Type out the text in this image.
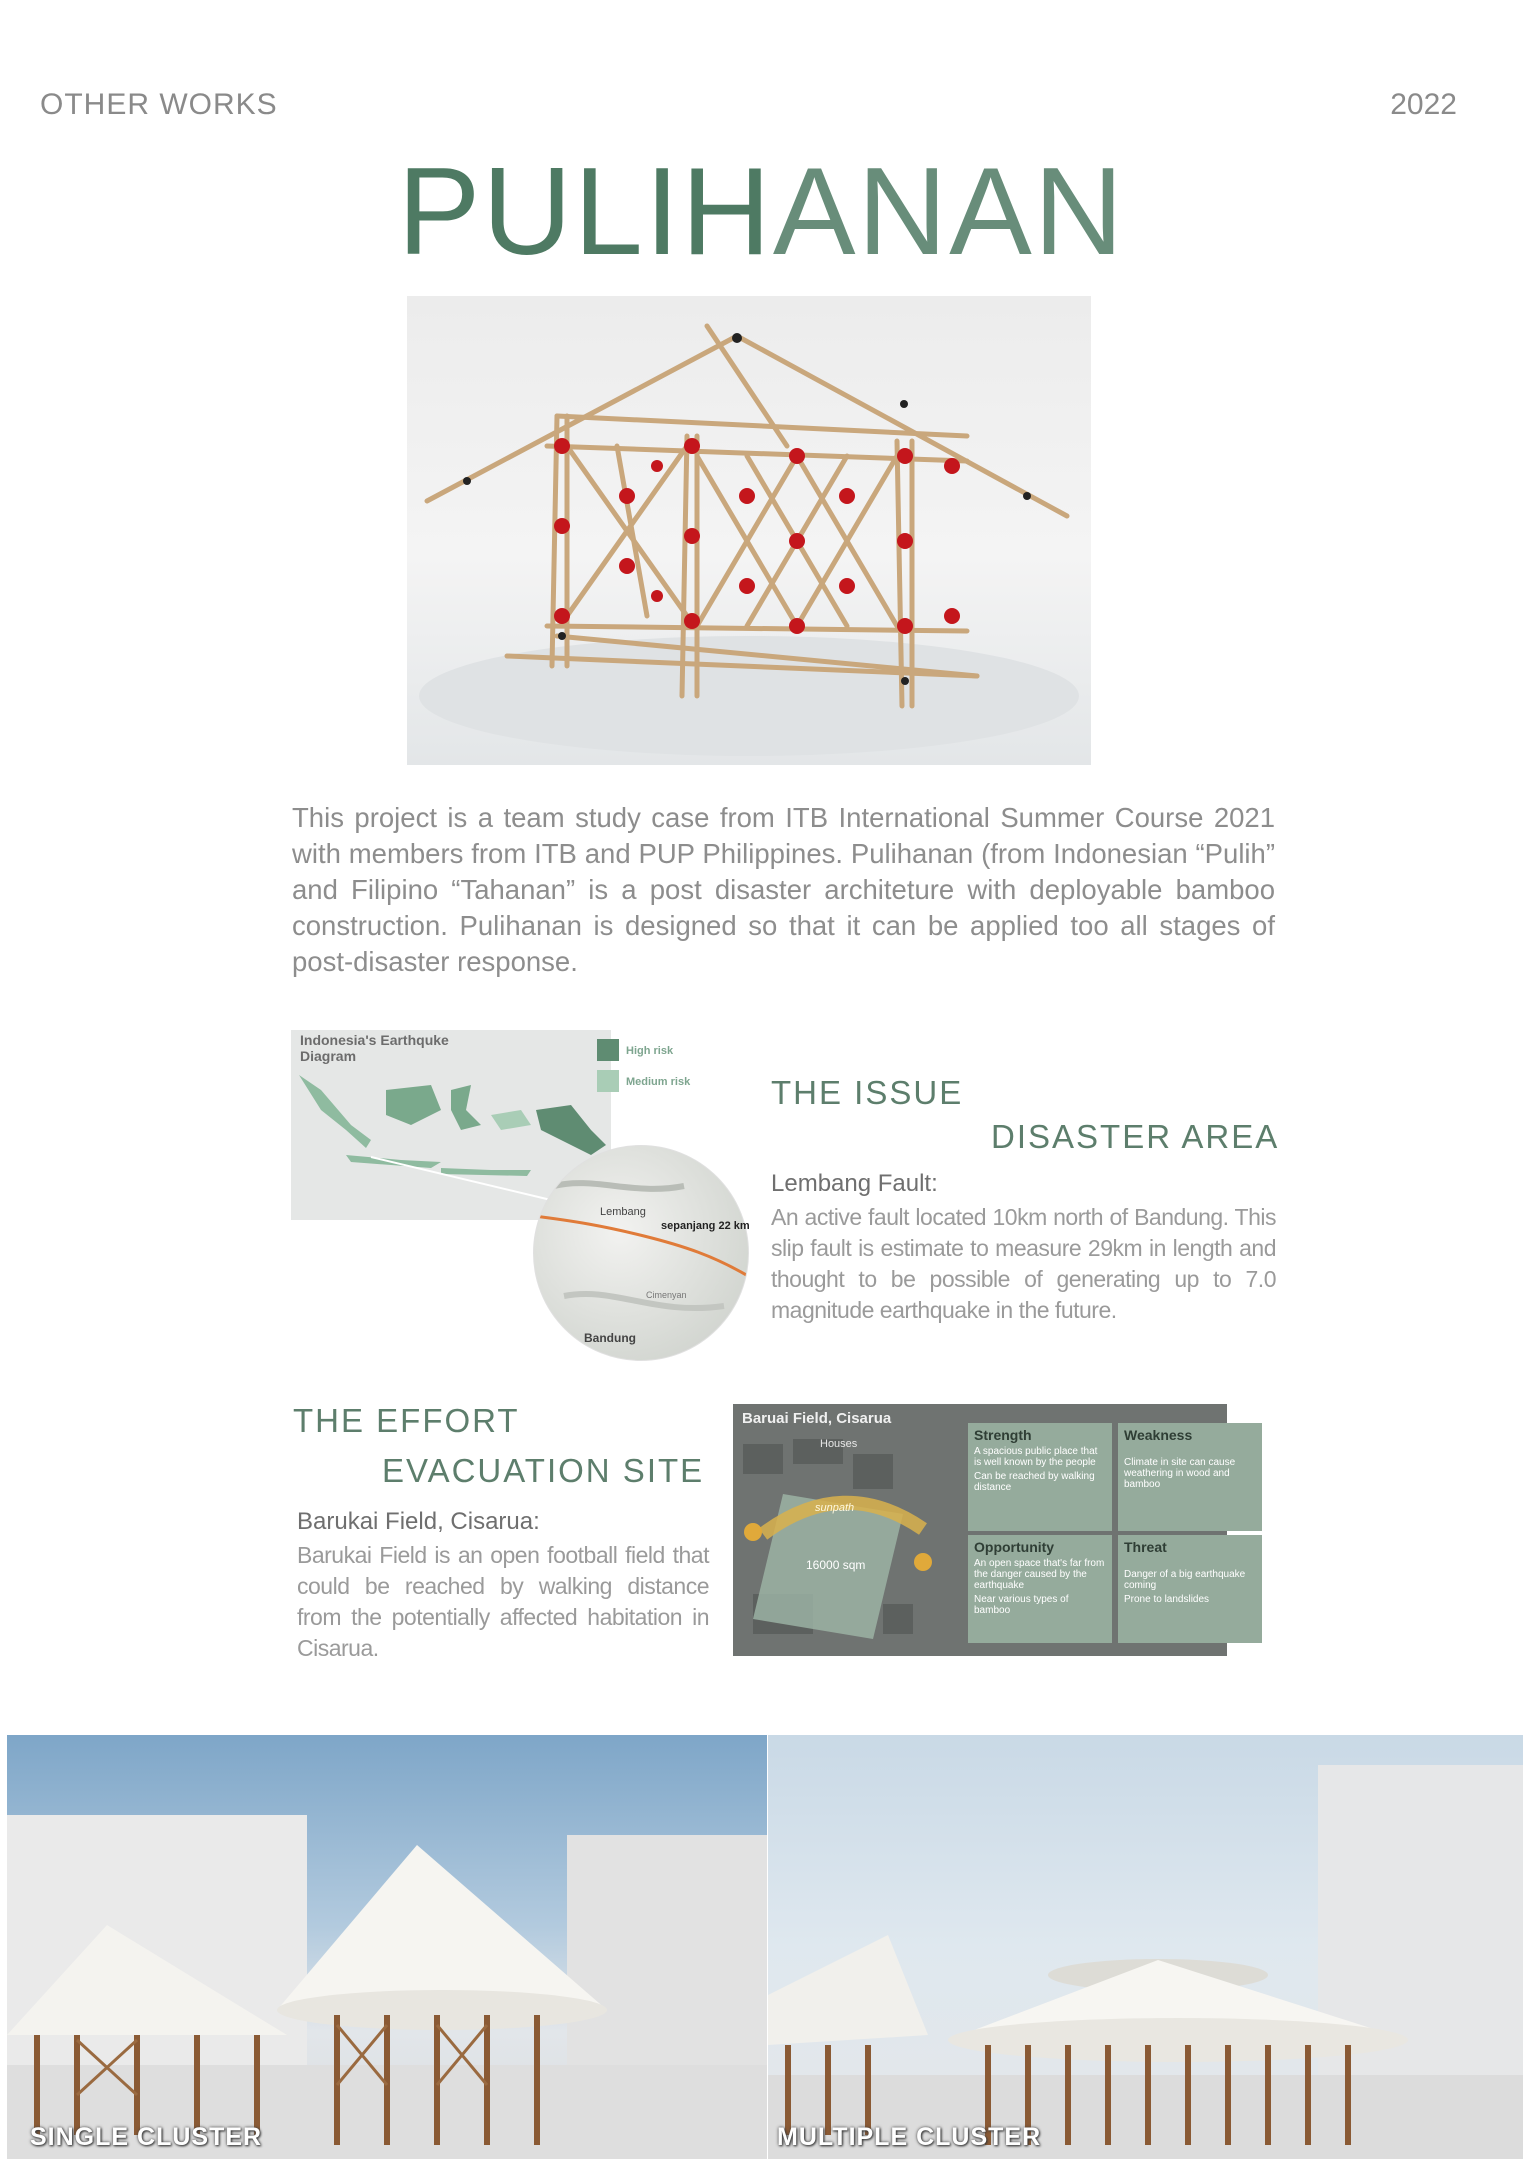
OTHER WORKS	2022
PULIHANAN
This project is a team study case from ITB International Summer Course 2021 with members from ITB and PUP Philippines. Pulihanan (from Indonesian “Pulih” and Filipino “Tahanan” is a post disaster architeture with deployable bamboo construction. Pulihanan is designed so that it can be applied too all stages of post-disaster response.
Indonesia's Earthquke Diagram	High risk
Medium risk
Lembang
sepanjang 22 km
Cimenyan
Bandung
THE ISSUE
DISASTER AREA
Lembang Fault:
An active fault located 10km north of Bandung. This slip fault is estimate to measure 29km in length and thought to be possible of generating up to 7.0 magnitude earthquake in the future.
THE EFFORT
EVACUATION SITE
Barukai Field, Cisarua:
Barukai Field is an open football field that could be reached by walking distance from the potentially affected habitation in Cisarua.
Baruai Field, Cisarua
Houses
sunpath
16000 sqm
Strength

A spacious public place that is well known by the people

Can be reached by walking distance

Weakness

Climate in site can cause weathering in wood and bamboo

Opportunity

An open space that's far from the danger caused by the earthquake

Near various types of bamboo

Threat

Danger of a big earthquake coming

Prone to landslides

SINGLE CLUSTER	MULTIPLE CLUSTER
